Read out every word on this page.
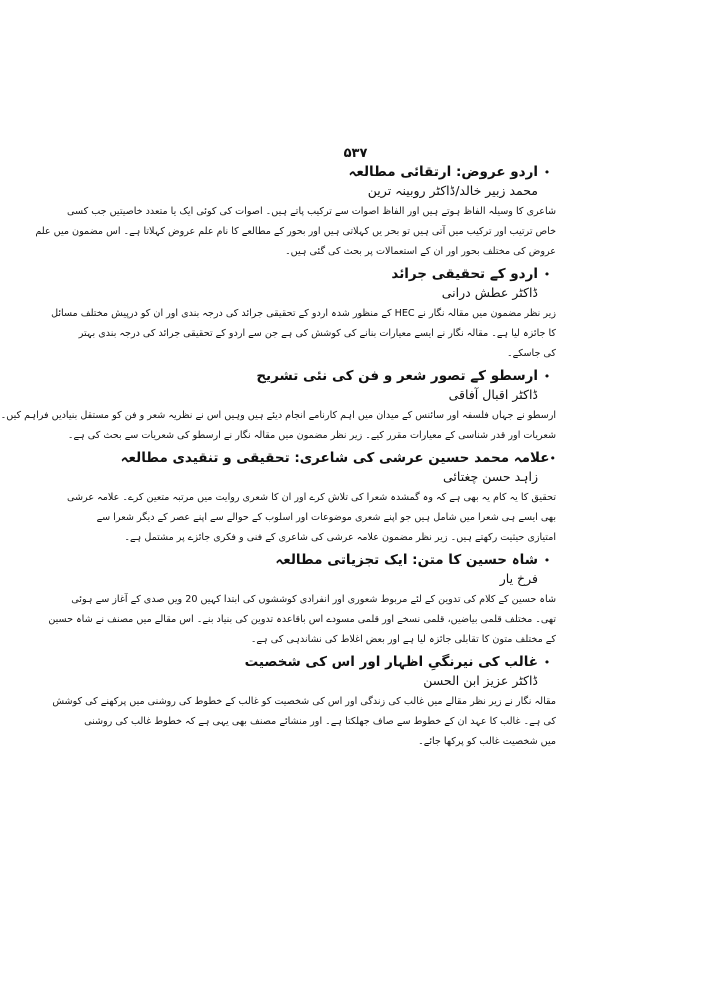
۵۳۷
•
اردو عروض: ارتقائی مطالعہ
محمد زبیر خالد/ڈاکٹر روبینہ ترین
شاعری کا وسیلہ الفاظ ہوتے ہیں اور الفاظ اصوات سے ترکیب پاتے ہیں۔ اصوات کی کوئی ایک یا متعدد خاصیتیں جب کسی
خاص ترتیب اور ترکیب میں آتی ہیں تو بحر یں کہلاتی ہیں اور بحور کے مطالعے کا نام علم عروض کہلاتا ہے۔ اس مضمون میں علم
عروض کی مختلف بحور اور ان کے استعمالات پر بحث کی گئی ہیں۔
•
اردو کے تحقیقی جرائد
ڈاکٹر عطش درانی
زیر نظر مضمون میں مقالہ نگار نے HEC کے منظور شدہ اردو کے تحقیقی جرائد کی درجہ بندی اور ان کو درپیش مختلف مسائل
کا جائزہ لیا ہے۔ مقالہ نگار نے ایسے معیارات بنانے کی کوشش کی ہے جن سے اردو کے تحقیقی جرائد کی درجہ بندی بہتر
کی جاسکے۔
•
ارسطو کے تصور شعر و فن کی نئی تشریح
ڈاکٹر اقبال آفاقی
ارسطو نے جہاں فلسفہ اور سائنس کے میدان میں اہم کارنامے انجام دیئے ہیں وہیں اس نے نظریہ شعر و فن کو مستقل بنیادیں فراہم کیں۔
شعریات اور قدر شناسی کے معیارات مقرر کیے۔ زیر نظر مضمون میں مقالہ نگار نے ارسطو کی شعریات سے بحث کی ہے۔
•
علامہ محمد حسین عرشی کی شاعری: تحقیقی و تنقیدی مطالعہ
زاہد حسن چغتائی
تحقیق کا یہ کام یہ بھی ہے کہ وہ گمشدہ شعرا کی تلاش کرے اور ان کا شعری روایت میں مرتبہ متعین کرے۔ علامہ عرشی
بھی ایسے ہی شعرا میں شامل ہیں جو اپنے شعری موضوعات اور اسلوب کے حوالے سے اپنے عصر کے دیگر شعرا سے
امتیازی حیثیت رکھتے ہیں۔ زیر نظر مضمون علامہ عرشی کی شاعری کے فنی و فکری جائزے پر مشتمل ہے۔
•
شاہ حسین کا متن: ایک تجزیاتی مطالعہ
فرخ یار
شاہ حسین کے کلام کی تدوین کے لئے مربوط شعوری اور انفرادی کوششوں کی ابتدا کہیں 20 ویں صدی کے آغاز سے ہوئی
تھی۔ مختلف قلمی بیاضیں، قلمی نسخے اور قلمی مسودے اس باقاعدہ تدوین کی بنیاد بنے۔ اس مقالے میں مصنف نے شاہ حسین
کے مختلف متون کا تقابلی جائزہ لیا ہے اور بعض اغلاط کی نشاندہی کی ہے۔
•
غالب کی نیرنگیِ اظہار اور اس کی شخصیت
ڈاکٹر عزیز ابن الحسن
مقالہ نگار نے زیر نظر مقالے میں غالب کی زندگی اور اس کی شخصیت کو غالب کے خطوط کی روشنی میں پرکھنے کی کوشش
کی ہے۔ غالب کا عہد ان کے خطوط سے صاف جھلکتا ہے۔ اور منشائے مصنف بھی یہی ہے کہ خطوط غالب کی روشنی
میں شخصیت غالب کو پرکھا جائے۔
